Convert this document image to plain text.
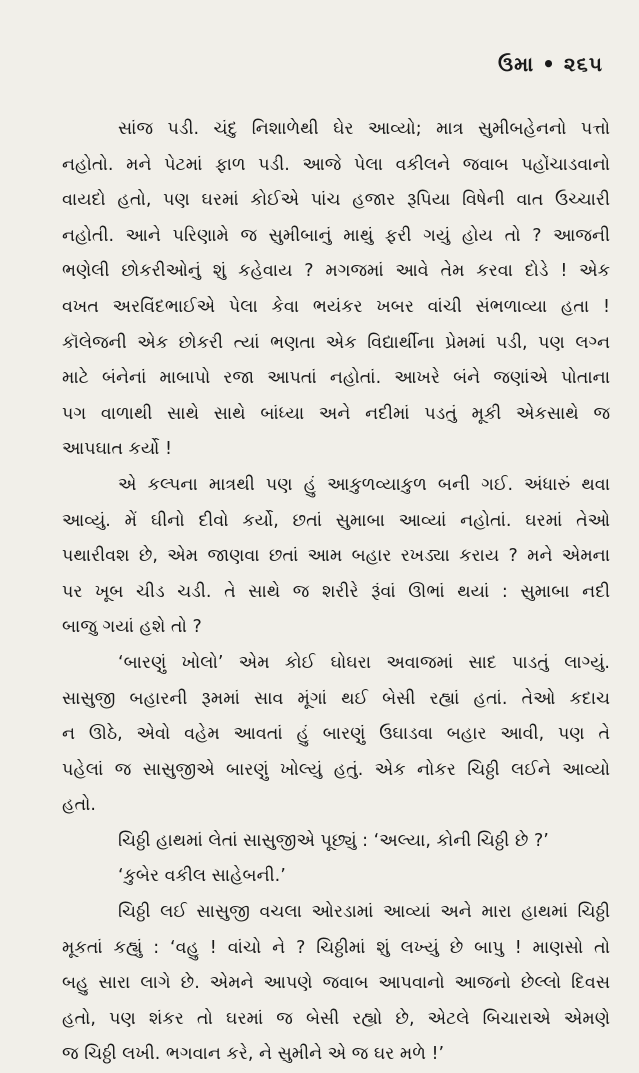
ઉમા • ૨૬૫
સાંજ પડી. ચંદુ નિશાળેથી ઘેર આવ્યો; માત્ર સુમીબહેનનો પત્તો
નહોતો. મને પેટમાં ફાળ પડી. આજે પેલા વકીલને જવાબ પહોંચાડવાનો
વાયદો હતો, પણ ઘરમાં કોઈએ પાંચ હજાર રૂપિયા વિષેની વાત ઉચ્ચારી
નહોતી. આને પરિણામે જ સુમીબાનું માથું ફરી ગયું હોય તો ? આજની
ભણેલી છોકરીઓનું શું કહેવાય ? મગજમાં આવે તેમ કરવા દોડે ! એક
વખત અરવિંદભાઈએ પેલા કેવા ભયંકર ખબર વાંચી સંભળાવ્યા હતા !
કૉલેજની એક છોકરી ત્યાં ભણતા એક વિદ્યાર્થીના પ્રેમમાં પડી, પણ લગ્ન
માટે બંનેનાં માબાપો રજા આપતાં નહોતાં. આખરે બંને જણાંએ પોતાના
પગ વાળાથી સાથે સાથે બાંધ્યા અને નદીમાં પડતું મૂકી એકસાથે જ
આપઘાત કર્યો !
એ કલ્પના માત્રથી પણ હું આકુળવ્યાકુળ બની ગઈ. અંધારું થવા
આવ્યું. મેં ઘીનો દીવો કર્યો, છતાં સુમાબા આવ્યાં નહોતાં. ઘરમાં તેઓ
પથારીવશ છે, એમ જાણવા છતાં આમ બહાર રખડ્યા કરાય ? મને એમના
પર ખૂબ ચીડ ચડી. તે સાથે જ શરીરે રૂંવાં ઊભાં થયાં : સુમાબા નદી
બાજુ ગયાં હશે તો ?
‘બારણું ખોલો’ એમ કોઈ ઘોઘરા અવાજમાં સાદ પાડતું લાગ્યું.
સાસુજી બહારની રૂમમાં સાવ મૂંગાં થઈ બેસી રહ્યાં હતાં. તેઓ કદાચ
ન ઊઠે, એવો વહેમ આવતાં હું બારણું ઉઘાડવા બહાર આવી, પણ તે
પહેલાં જ સાસુજીએ બારણું ખોલ્યું હતું. એક નોકર ચિઠ્ઠી લઈને આવ્યો
હતો.
ચિઠ્ઠી હાથમાં લેતાં સાસુજીએ પૂછ્યું : ‘અલ્યા, કોની ચિઠ્ઠી છે ?’
‘કુબેર વકીલ સાહેબની.’
ચિઠ્ઠી લઈ સાસુજી વચલા ઓરડામાં આવ્યાં અને મારા હાથમાં ચિઠ્ઠી
મૂકતાં કહ્યું : ‘વહુ ! વાંચો ને ? ચિઠ્ઠીમાં શું લખ્યું છે બાપુ ! માણસો તો
બહુ સારા લાગે છે. એમને આપણે જવાબ આપવાનો આજનો છેલ્લો દિવસ
હતો, પણ શંકર તો ઘરમાં જ બેસી રહ્યો છે, એટલે બિચારાએ એમણે
જ ચિઠ્ઠી લખી. ભગવાન કરે, ને સુમીને એ જ ઘર મળે !’
